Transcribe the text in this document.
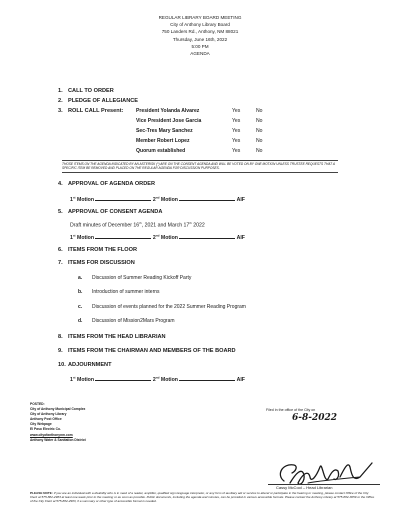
REGULAR LIBRARY BOARD MEETING
City of Anthony Library Board
750 Landers Rd., Anthony, NM 88021
Thursday, June 16th, 2022
5:00 PM
AGENDA
1. CALL TO ORDER
2. PLEDGE OF ALLEGIANCE
3. ROLL CALL Present: President Yolanda Alvarez	Yes	No
Vice President Jose Garcia	Yes	No
Sec-Tres Mary Sanchez	Yes	No
Member Robert Lopez	Yes	No
Quorum established	Yes	No
THOSE ITEMS ON THE AGENDA INDICATED BY AN ASTERISK (*) ARE ON THE CONSENT AGENDA AND WILL BE VOTED ON BY ONE MOTION UNLESS TRUSTEE REQUESTS THAT A SPECIFIC ITEM BE REMOVED AND PLACED ON THE REGULAR AGENDA FOR DISCUSSION PURPOSES.
4. APPROVAL OF AGENDA ORDER
1st Motion	2nd Motion	AIF
5. APPROVAL OF CONSENT AGENDA
Draft minutes of December 16th, 2021 and March 17th 2022
1st Motion	2nd Motion	AIF
6. ITEMS FROM THE FLOOR
7. ITEMS FOR DISCUSSION
a. Discussion of Summer Reading Kickoff Party
b. Introduction of summer interns
c. Discussion of events planned for the 2022 Summer Reading Program
d. Discussion of Mission2Mars Program
8. ITEMS FROM THE HEAD LIBRARIAN
9. ITEMS FROM THE CHAIRMAN AND MEMBERS OF THE BOARD
10. ADJOURNMENT
1st Motion	2nd Motion	AIF
POSTED:
City of Anthony Municipal Complex
City of Anthony Library
Anthony Post Office
City Webpage
El Paso Electric Co.
www.cityofanthonynm.com
Anthony Water & Sanitation District
Filed in the office of the City on
6-8-2022
Cassy McCool – Head Librarian
PLEASE NOTE: If you are an individual with a disability who is in need of a reader, amplifier, qualified sign language interpreter, or any form of auxiliary aid or service to attend or participate in the hearing or meeting, please contact Office of the City Clerk at 575-882-2983 at least one week prior to the meeting or as soon as possible. Public documents, including the agenda and minutes, can be provided in various accessible formats. Please contact the Anthony Library at 575-882-3059 or the Office of the City Clerk at 575-882-2983, if a summary or other type of accessible format is needed.
